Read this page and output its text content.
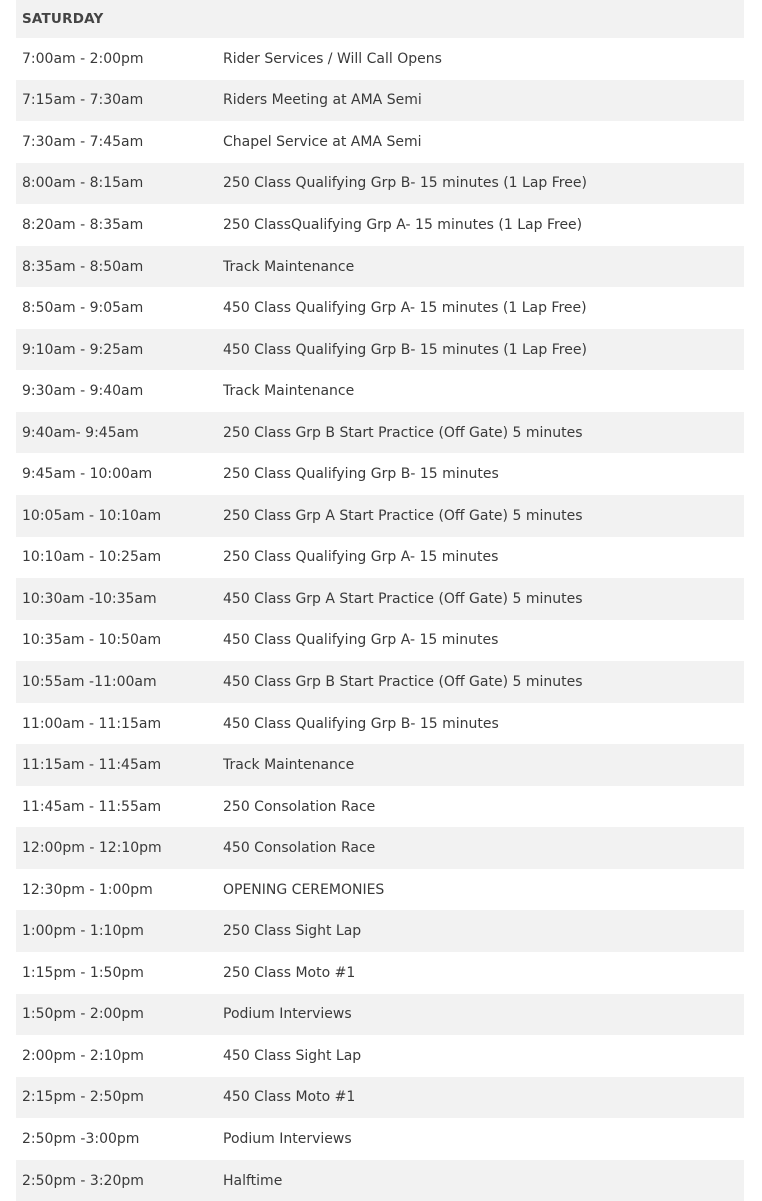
SATURDAY
7:00am - 2:00pm	Rider Services / Will Call Opens
7:15am - 7:30am	Riders Meeting at AMA Semi
7:30am - 7:45am	Chapel Service at AMA Semi
8:00am - 8:15am	250 Class Qualifying Grp B- 15 minutes (1 Lap Free)
8:20am - 8:35am	250 ClassQualifying Grp A- 15 minutes (1 Lap Free)
8:35am - 8:50am	Track Maintenance
8:50am - 9:05am	450 Class Qualifying Grp A- 15 minutes (1 Lap Free)
9:10am - 9:25am	450 Class Qualifying Grp B- 15 minutes (1 Lap Free)
9:30am - 9:40am	Track Maintenance
9:40am- 9:45am	250 Class Grp B Start Practice (Off Gate) 5 minutes
9:45am - 10:00am	250 Class Qualifying Grp B- 15 minutes
10:05am - 10:10am	250 Class Grp A Start Practice (Off Gate) 5 minutes
10:10am - 10:25am	250 Class Qualifying Grp A- 15 minutes
10:30am -10:35am	450 Class Grp A Start Practice (Off Gate) 5 minutes
10:35am - 10:50am	450 Class Qualifying Grp A- 15 minutes
10:55am -11:00am	450 Class Grp B Start Practice (Off Gate) 5 minutes
11:00am - 11:15am	450 Class Qualifying Grp B- 15 minutes
11:15am - 11:45am	Track Maintenance
11:45am - 11:55am	250 Consolation Race
12:00pm - 12:10pm	450 Consolation Race
12:30pm - 1:00pm	OPENING CEREMONIES
1:00pm - 1:10pm	250 Class Sight Lap
1:15pm - 1:50pm	250 Class Moto #1
1:50pm - 2:00pm	Podium Interviews
2:00pm - 2:10pm	450 Class Sight Lap
2:15pm - 2:50pm	450 Class Moto #1
2:50pm -3:00pm	Podium Interviews
2:50pm - 3:20pm	Halftime
